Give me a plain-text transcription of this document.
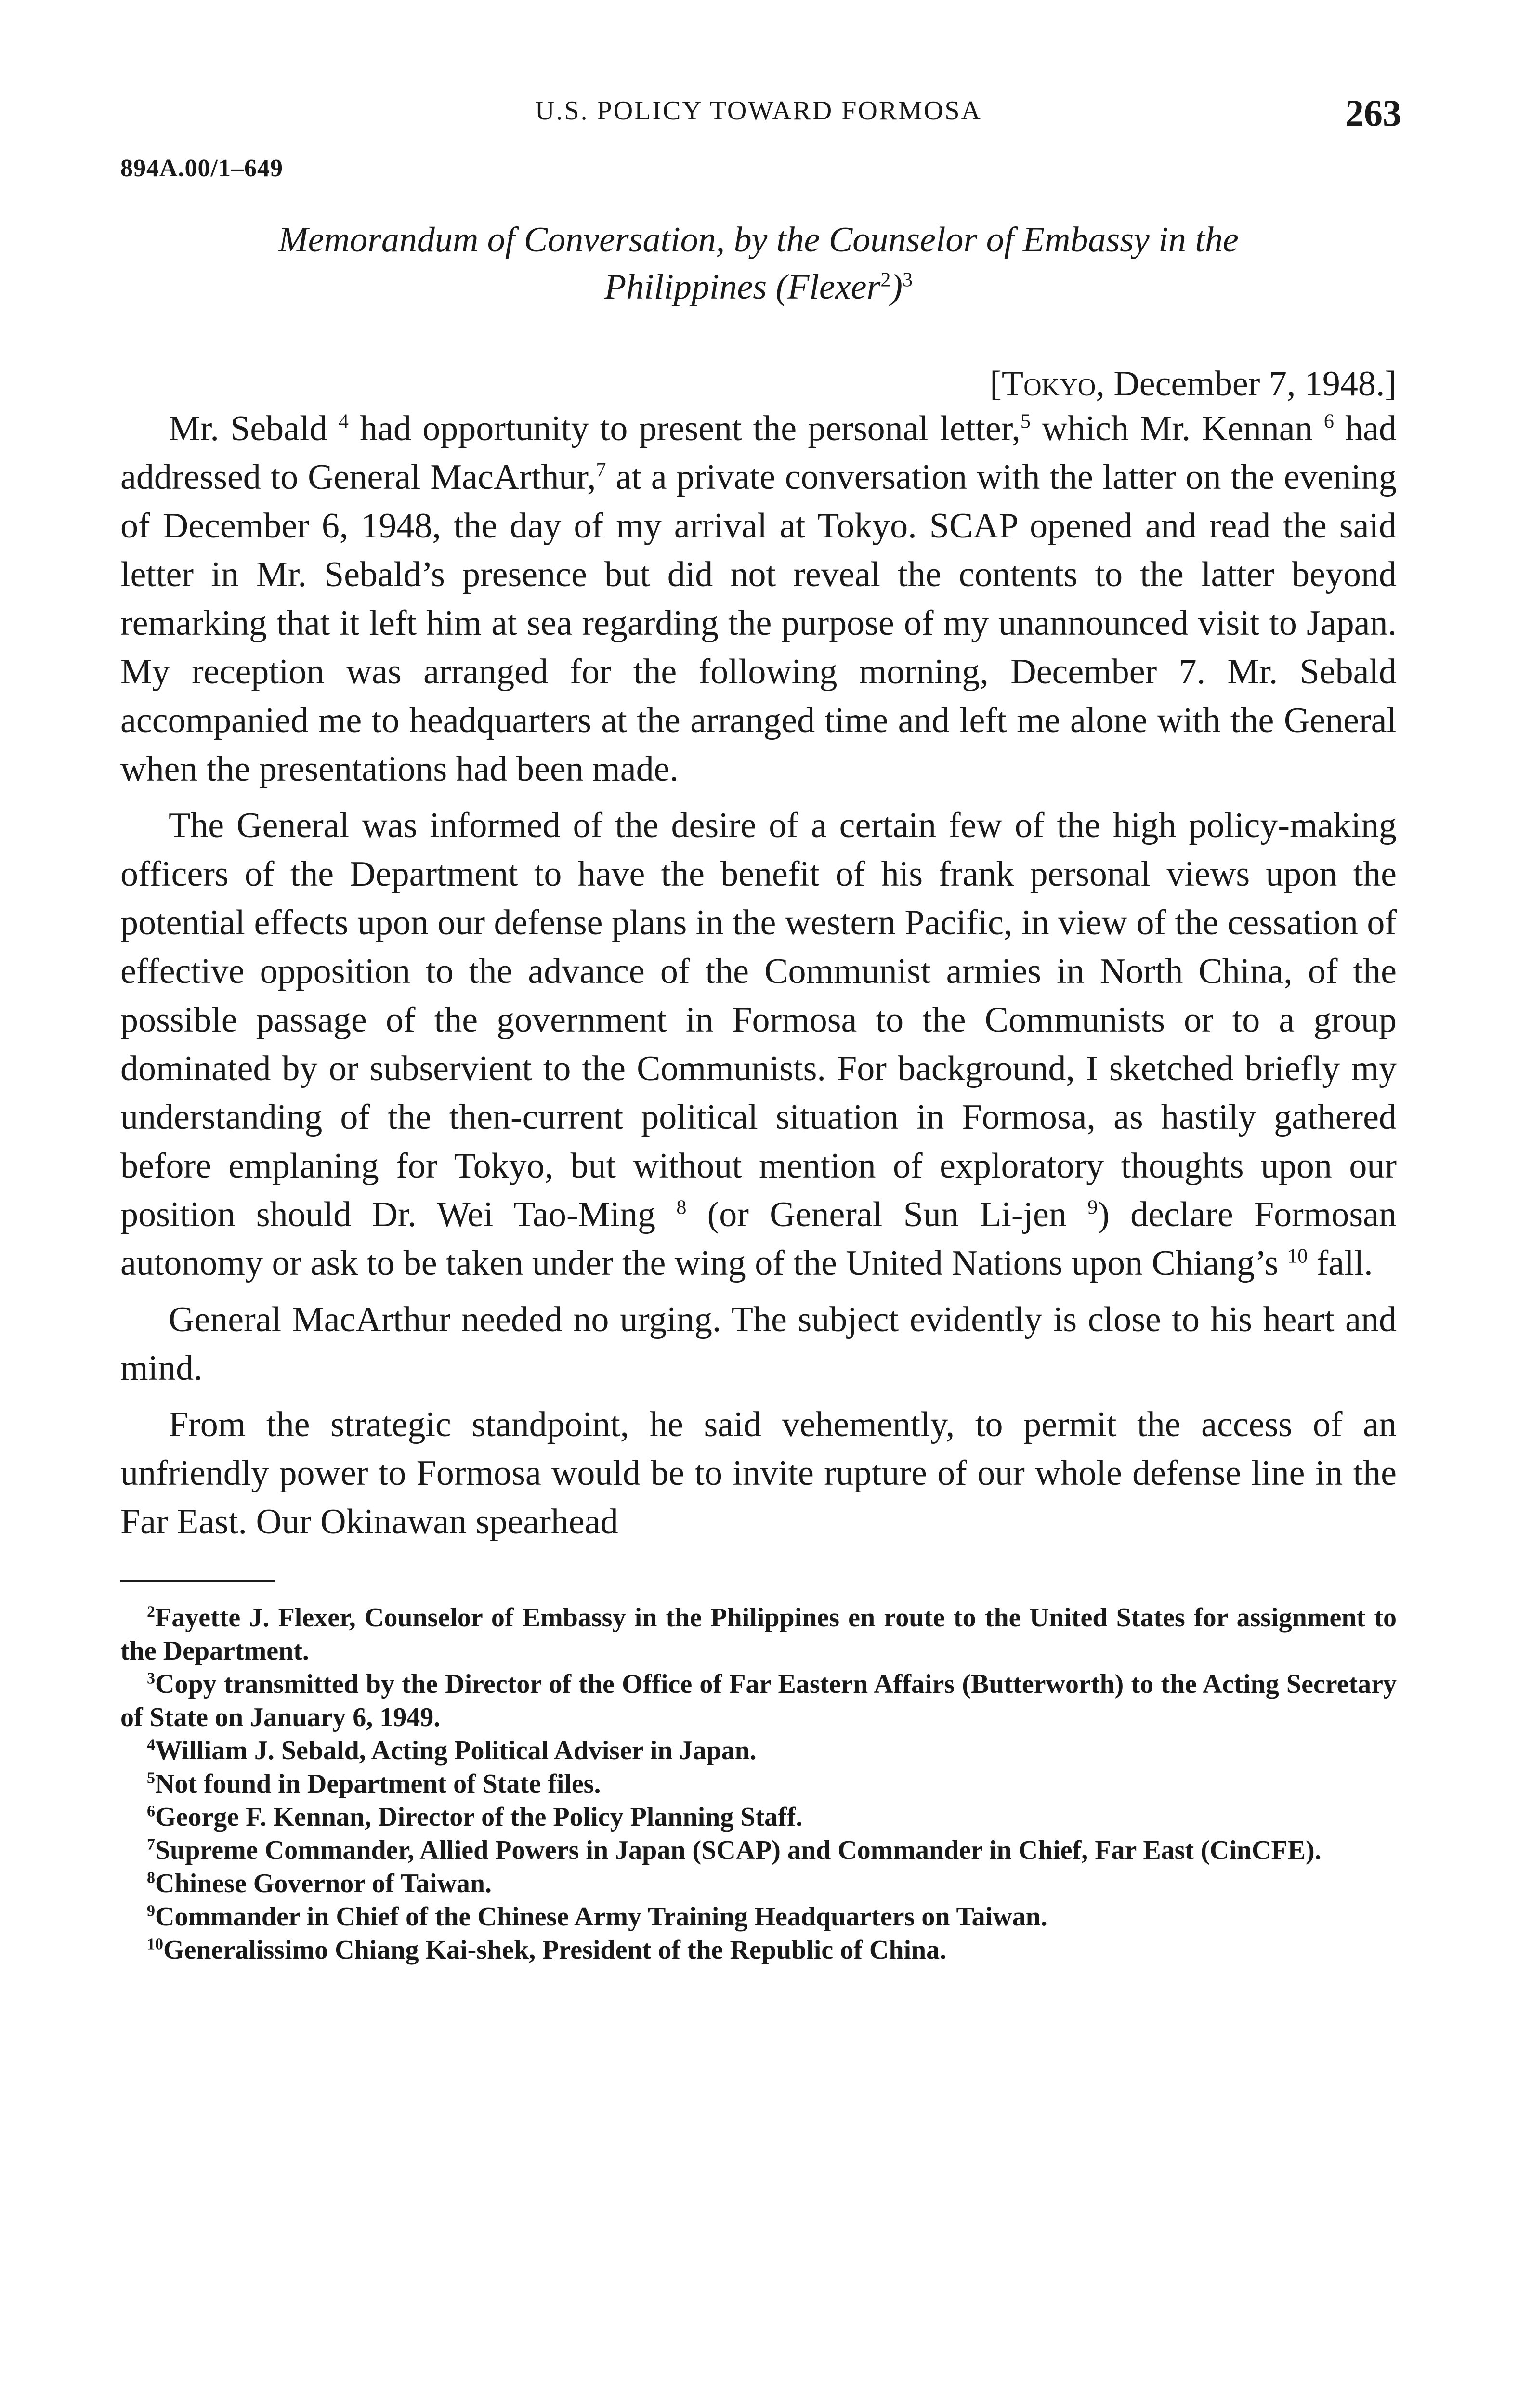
U.S. POLICY TOWARD FORMOSA	263
894A.00/1–649
Memorandum of Conversation, by the Counselor of Embassy in the
Philippines (Flexer$^2$)$^3$
[Tokyo, December 7, 1948.]

Mr. Sebald $^4$ had opportunity to present the personal letter,$^5$ which Mr. Kennan $^6$ had addressed to General MacArthur,$^7$ at a private conversation with the latter on the evening of December 6, 1948, the day of my arrival at Tokyo. SCAP opened and read the said letter in Mr. Sebald’s presence but did not reveal the contents to the latter beyond remarking that it left him at sea regarding the purpose of my unannounced visit to Japan. My reception was arranged for the following morning, December 7. Mr. Sebald accompanied me to headquarters at the arranged time and left me alone with the General when the presentations had been made.

The General was informed of the desire of a certain few of the high policy-making officers of the Department to have the benefit of his frank personal views upon the potential effects upon our defense plans in the western Pacific, in view of the cessation of effective opposition to the advance of the Communist armies in North China, of the possible passage of the government in Formosa to the Communists or to a group dominated by or subservient to the Communists. For background, I sketched briefly my understanding of the then-current political situation in Formosa, as hastily gathered before emplaning for Tokyo, but without mention of exploratory thoughts upon our position should Dr. Wei Tao-Ming $^8$ (or General Sun Li-jen $^9$) declare Formosan autonomy or ask to be taken under the wing of the United Nations upon Chiang’s $^{10}$ fall.

General MacArthur needed no urging. The subject evidently is close to his heart and mind.

From the strategic standpoint, he said vehemently, to permit the access of an unfriendly power to Formosa would be to invite rupture of our whole defense line in the Far East. Our Okinawan spearhead

$^2$Fayette J. Flexer, Counselor of Embassy in the Philippines en route to the United States for assignment to the Department.

$^3$Copy transmitted by the Director of the Office of Far Eastern Affairs (Butterworth) to the Acting Secretary of State on January 6, 1949.

$^4$William J. Sebald, Acting Political Adviser in Japan.

$^5$Not found in Department of State files.

$^6$George F. Kennan, Director of the Policy Planning Staff.

$^7$Supreme Commander, Allied Powers in Japan (SCAP) and Commander in Chief, Far East (CinCFE).

$^8$Chinese Governor of Taiwan.

$^9$Commander in Chief of the Chinese Army Training Headquarters on Taiwan.

$^{10}$Generalissimo Chiang Kai-shek, President of the Republic of China.
